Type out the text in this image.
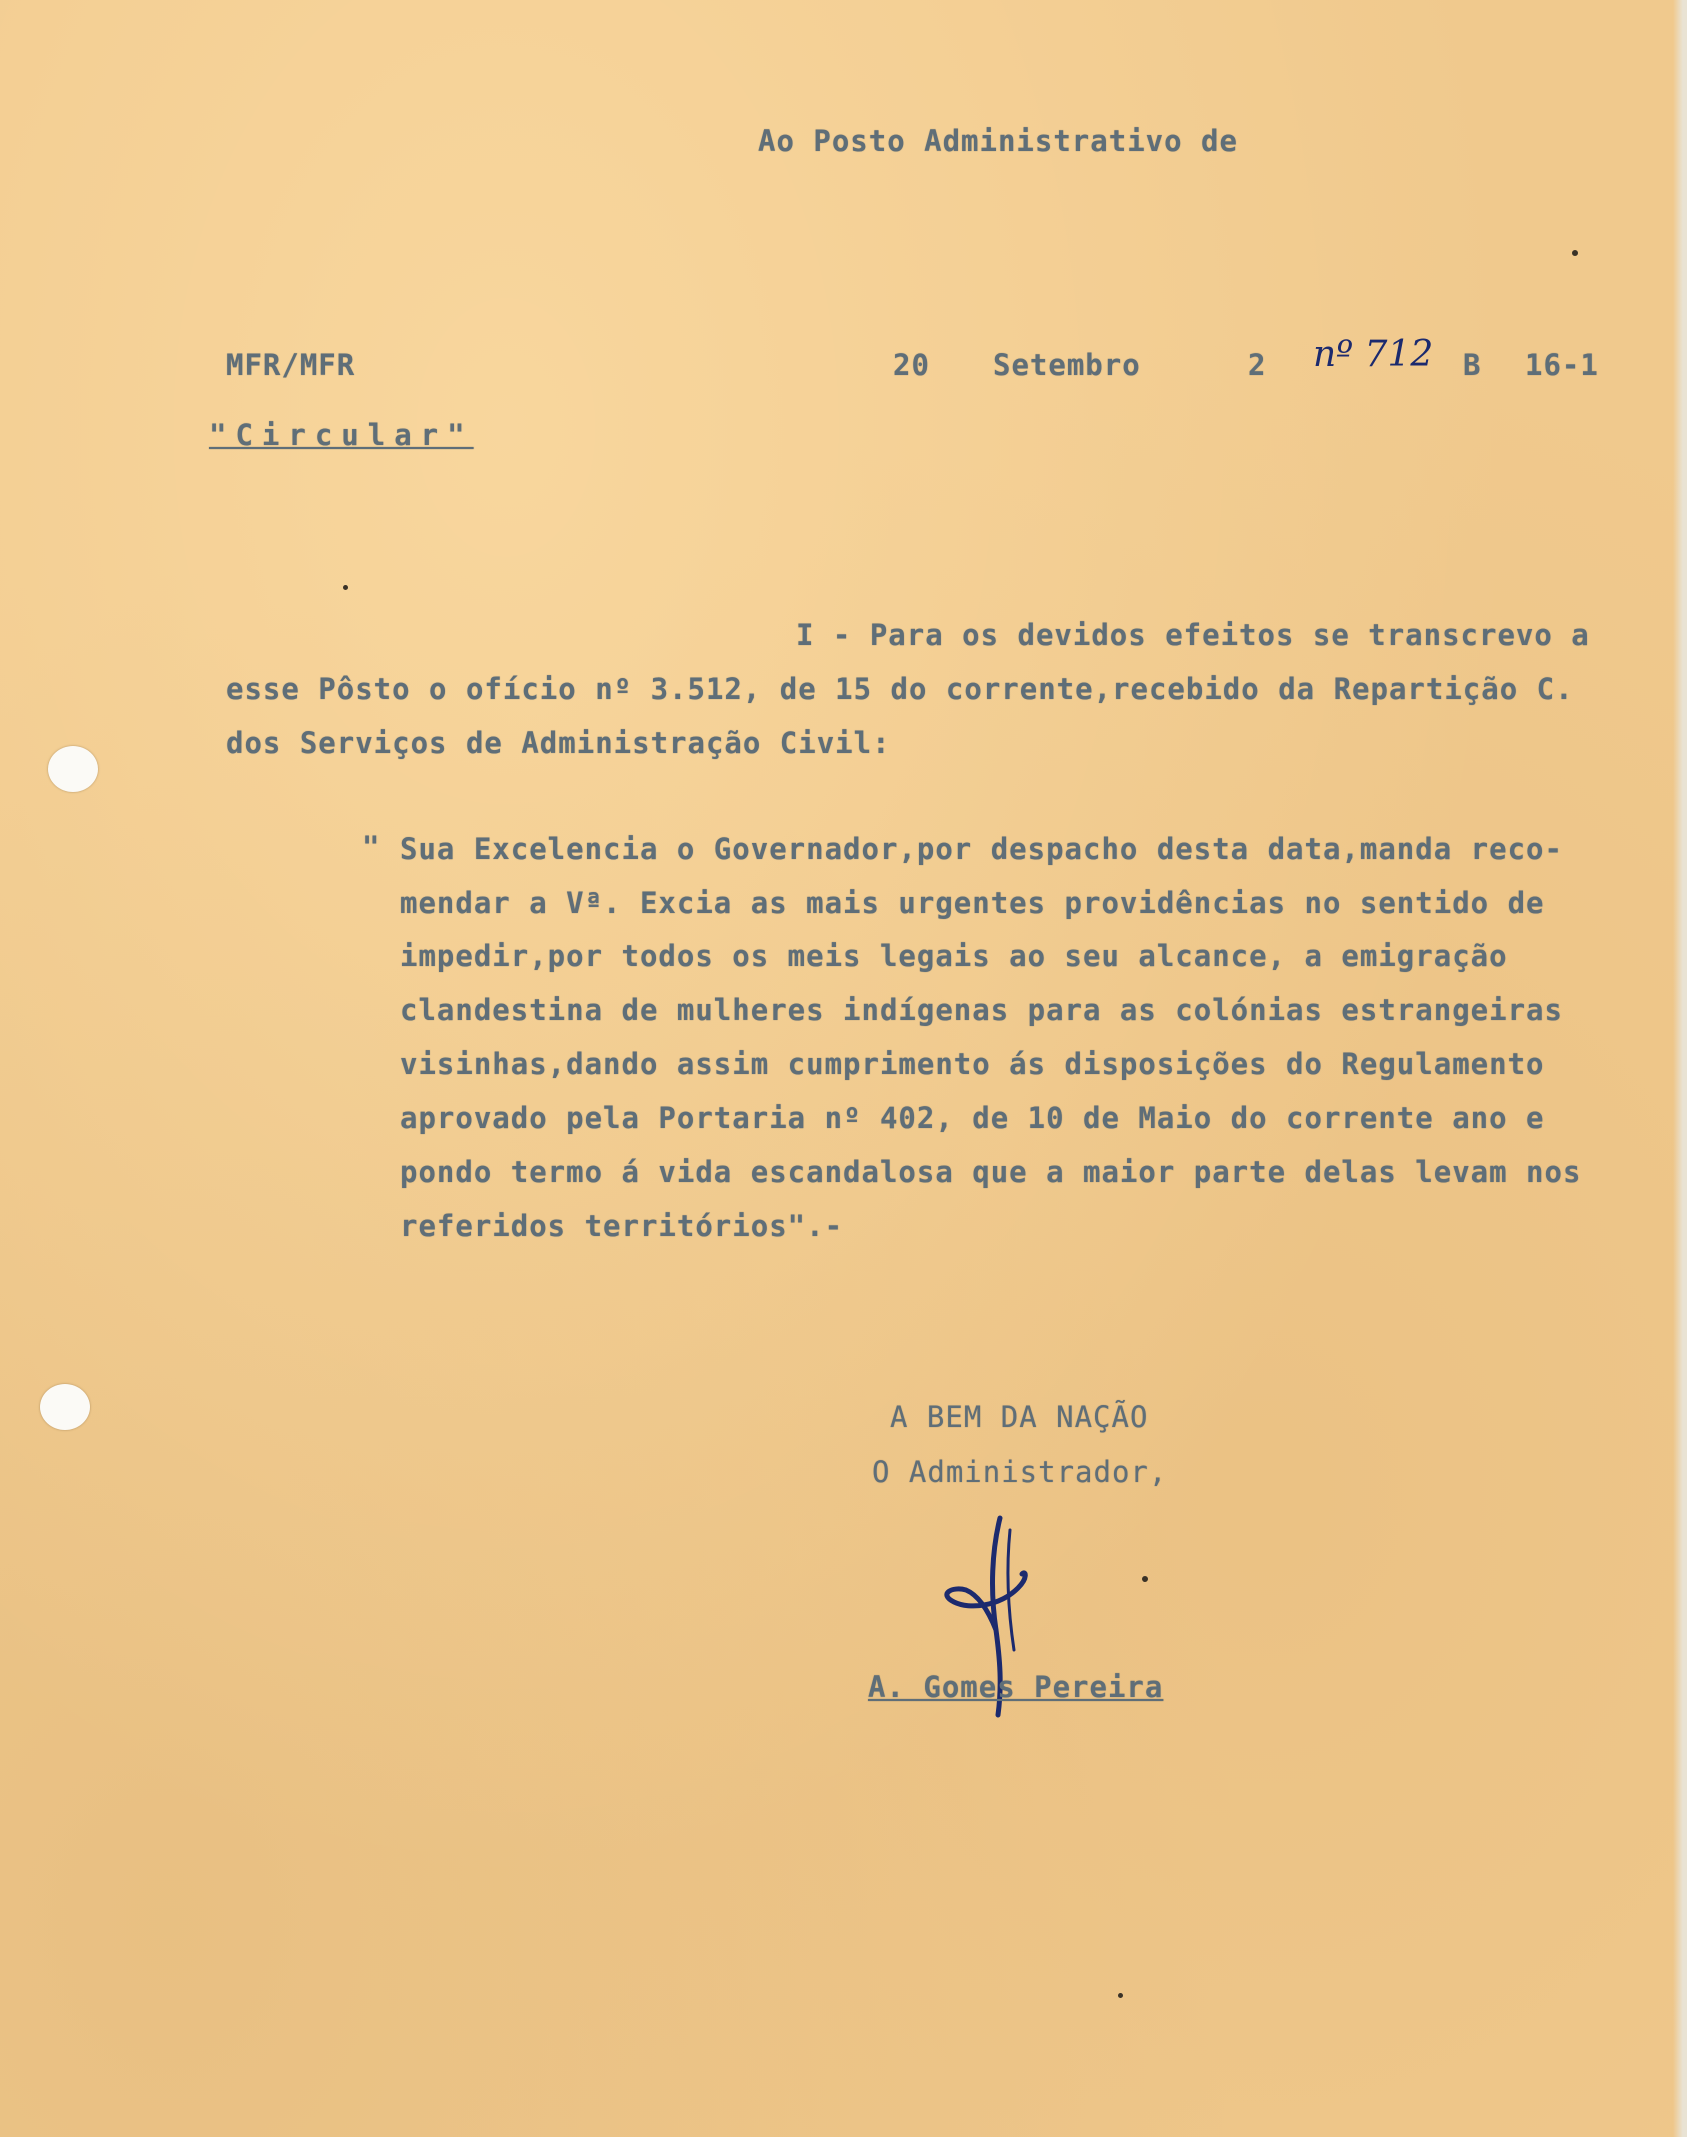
Ao Posto Administrativo de
MFR/MFR	20 Setembro	2 nº 712 B 16-1
"Circular"
I - Para os devidos efeitos se transcrevo a
esse Pôsto o ofício nº 3.512, de 15 do corrente,recebido da Repartição C.
dos Serviços de Administração Civil:
" Sua Excelencia o Governador,por despacho desta data,manda reco-
mendar a Vª. Excia as mais urgentes providências no sentido de
impedir,por todos os meis legais ao seu alcance, a emigração
clandestina de mulheres indígenas para as colónias estrangeiras
visinhas,dando assim cumprimento ás disposições do Regulamento
aprovado pela Portaria nº 402, de 10 de Maio do corrente ano e
pondo termo á vida escandalosa que a maior parte delas levam nos
referidos territórios".-
A BEM DA NAÇÃO
O Administrador,
A. Gomes Pereira
